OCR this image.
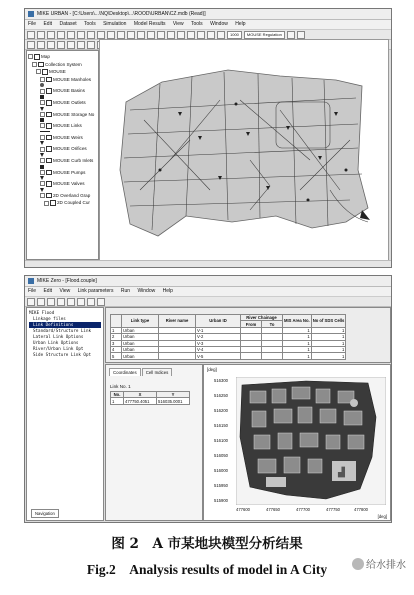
MIKE URBAN - [C:\Users\...\NQ\Desktop\...\ROOD\URBAN\CZ.mdb (Read)]
File Edit Dataset Tools Simulation Model Results View Tools Window Help
1000	MOUSE Regulation
Map
Collection System
MOUSE
MOUSE Manholes
MOUSE Basins
MOUSE Outlets
MOUSE Storage No
MOUSE Links
MOUSE Weirs
MOUSE Orifices
MOUSE Curb Inlets
MOUSE Pumps
MOUSE Valves
2D Overland Grap
2D Coupled Cur
MIKE Zero - [Flood.couple]
File Edit View Link parameters Run Window Help
MIKE Flood
Linkage files
Link Definitions
Standard/Structure Link
Lateral Link Options
Urban Link Options
River/Urban Link Opt
Side Structure Link Opt
Navigation
	Link type	River name	Urban ID	River Chainage		MIS Area No.	No of SDS Cells
				From	To		
1	Urban		V-1			1	1
2	Urban		V-2			1	1
3	Urban		V-3			1	1
4	Urban		V-4			1	1
5	Urban		V-5			1	1
Coordinates	Cell Indices
Link No. 1
No.	X	Y
1	477750.4051	516035.0001
[deg]
516300
516250
516200
516150
516100
516050
516000
515950
515900
▟
477600	477650	477700	477750	477800
[deg]
图 2　A 市某地块模型分析结果
Fig.2　Analysis results of model in A City	给水排水
